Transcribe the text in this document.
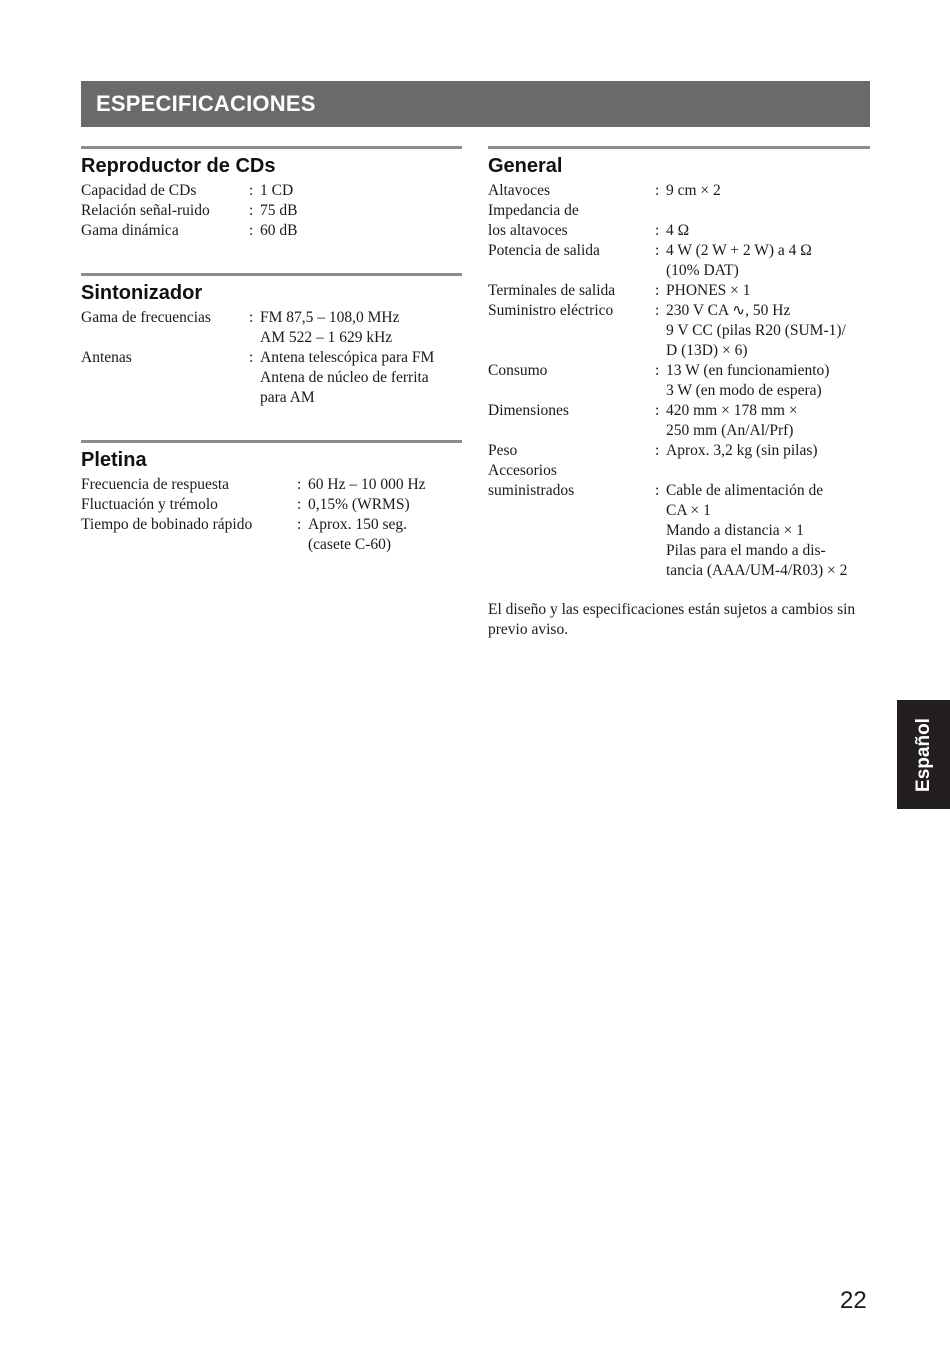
ESPECIFICACIONES
Reproductor de CDs
Capacidad de CDs	: 1 CD
Relación señal-ruido	: 75 dB
Gama dinámica	: 60 dB
Sintonizador
Gama de frecuencias : FM 87,5 – 108,0 MHz
AM 522 – 1 629 kHz
Antenas	: Antena telescópica para FM
Antena de núcleo de ferrita
para AM
Pletina
Frecuencia de respuesta	: 60 Hz – 10 000 Hz
Fluctuación y trémolo	: 0,15% (WRMS)
Tiempo de bobinado rápido	: Aprox. 150 seg.
(casete C-60)
General
Altavoces	: 9 cm × 2
Impedancia de
los altavoces	: 4 Ω
Potencia de salida	: 4 W (2 W + 2 W) a 4 Ω
(10% DAT)
Terminales de salida	: PHONES × 1
Suministro eléctrico	: 230 V CA ∿, 50 Hz
9 V CC (pilas R20 (SUM-1)/
D (13D) × 6)
Consumo	: 13 W (en funcionamiento)
3 W (en modo de espera)
Dimensiones	: 420 mm × 178 mm ×
250 mm (An/Al/Prf)
Peso	: Aprox. 3,2 kg (sin pilas)
Accesorios
suministrados	: Cable de alimentación de
CA × 1
Mando a distancia × 1
Pilas para el mando a dis-
tancia (AAA/UM-4/R03) × 2
El diseño y las especificaciones están sujetos a cambios sin previo aviso.
Español
22
